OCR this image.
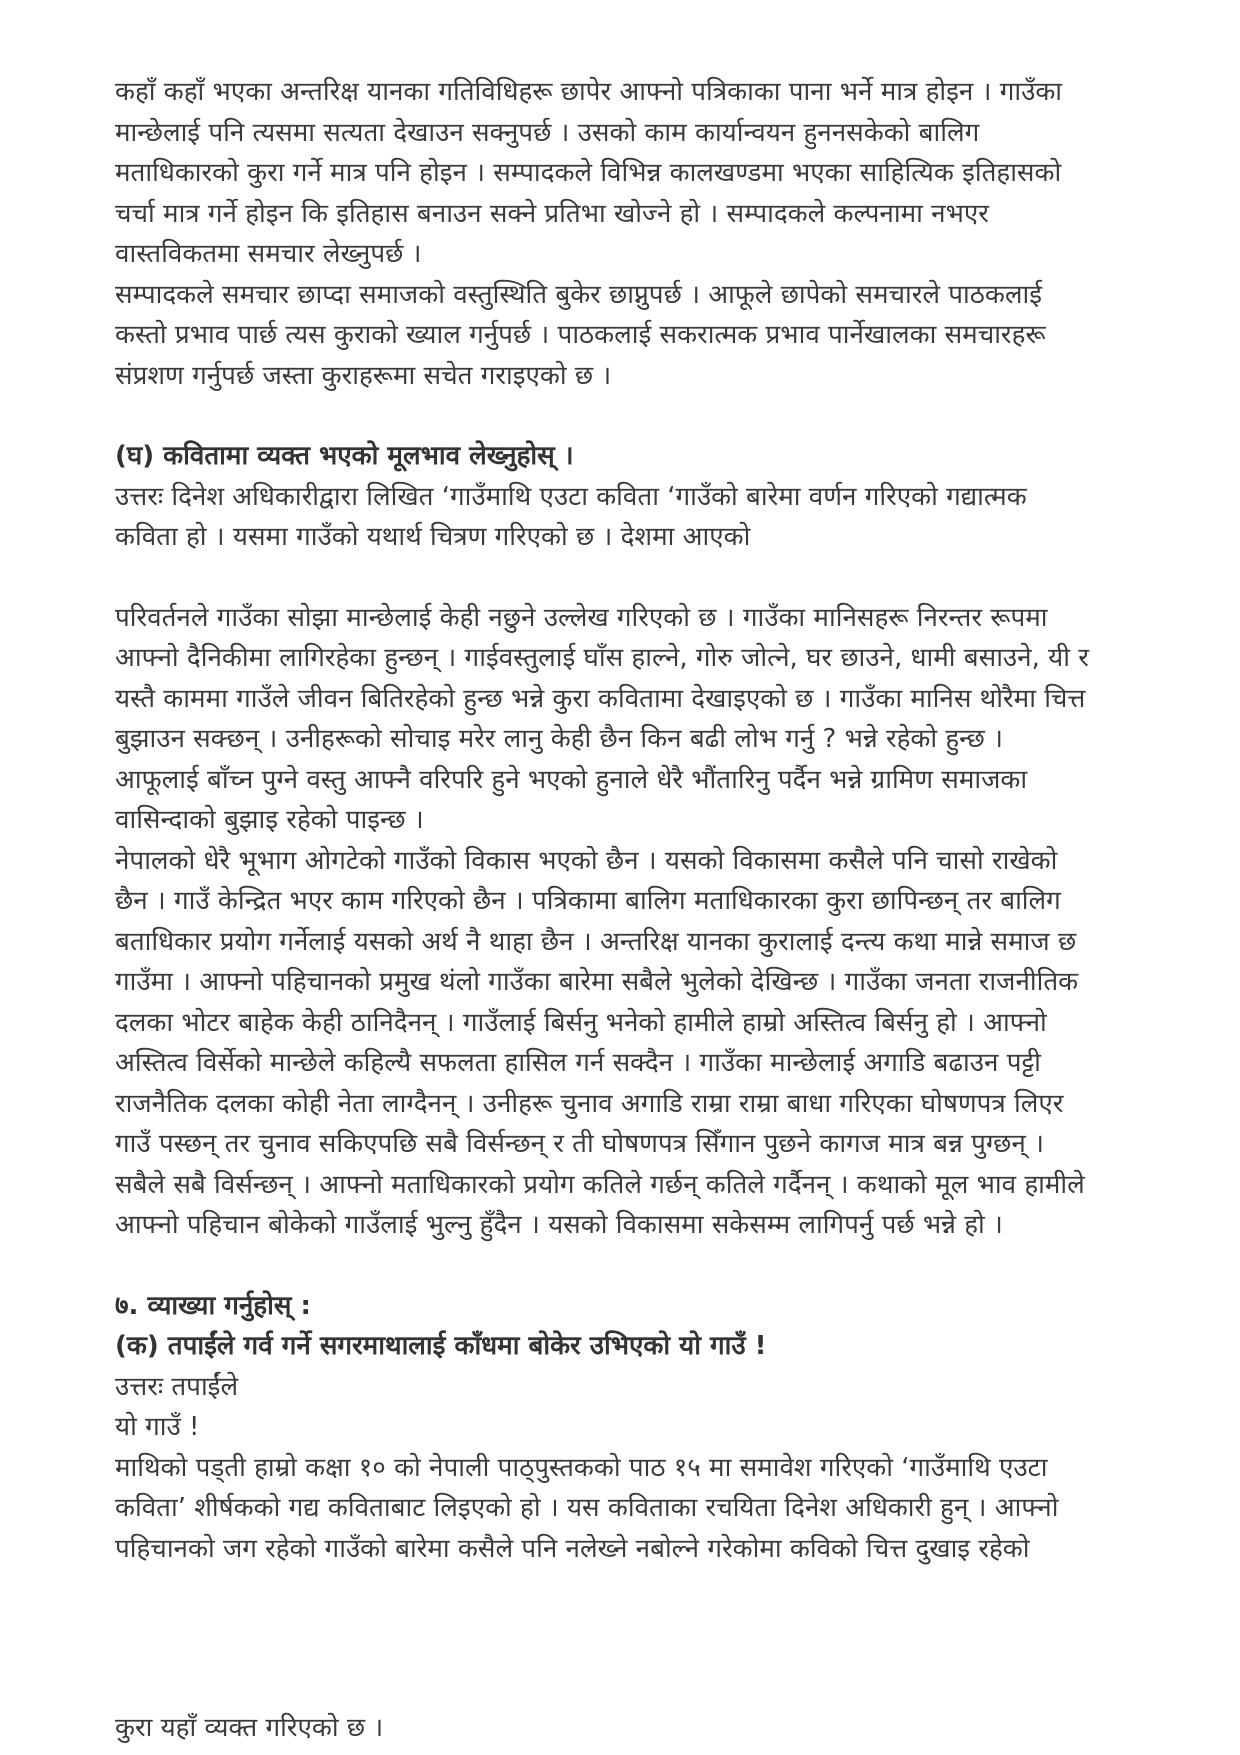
कहाँ कहाँ भएका अन्तरिक्ष यानका गतिविधिहरू छापेर आफ्नो पत्रिकाका पाना भर्ने मात्र होइन । गाउँका

मान्छेलाई पनि त्यसमा सत्यता देखाउन सक्नुपर्छ । उसको काम कार्यान्वयन हुननसकेको बालिग

मताधिकारको कुरा गर्ने मात्र पनि होइन । सम्पादकले विभिन्न कालखण्डमा भएका साहित्यिक इतिहासको

चर्चा मात्र गर्ने होइन कि इतिहास बनाउन सक्ने प्रतिभा खोज्ने हो । सम्पादकले कल्पनामा नभएर

वास्तविकतमा समचार लेख्नुपर्छ ।

सम्पादकले समचार छाप्दा समाजको वस्तुस्थिति बुकेर छाप्नुपर्छ । आफूले छापेको समचारले पाठकलाई

कस्तो प्रभाव पार्छ त्यस कुराको ख्याल गर्नुपर्छ । पाठकलाई सकरात्मक प्रभाव पार्नेखालका समचारहरू

संप्रशण गर्नुपर्छ जस्ता कुराहरूमा सचेत गराइएको छ ।

(घ) कवितामा व्यक्त भएको मूलभाव लेख्नुहोस् ।

उत्तरः दिनेश अधिकारीद्वारा लिखित ‘गाउँमाथि एउटा कविता ‘गाउँको बारेमा वर्णन गरिएको गद्यात्मक

कविता हो । यसमा गाउँको यथार्थ चित्रण गरिएको छ । देशमा आएको

परिवर्तनले गाउँका सोझा मान्छेलाई केही नछुने उल्लेख गरिएको छ । गाउँका मानिसहरू निरन्तर रूपमा

आफ्नो दैनिकीमा लागिरहेका हुन्छन् । गाईवस्तुलाई घाँस हाल्ने, गोरु जोत्ने, घर छाउने, धामी बसाउने, यी र

यस्तै काममा गाउँले जीवन बितिरहेको हुन्छ भन्ने कुरा कवितामा देखाइएको छ । गाउँका मानिस थोरैमा चित्त

बुझाउन सक्छन् । उनीहरूको सोचाइ मरेर लानु केही छैन किन बढी लोभ गर्नु ? भन्ने रहेको हुन्छ ।

आफूलाई बाँच्न पुग्ने वस्तु आफ्नै वरिपरि हुने भएको हुनाले धेरै भौंतारिनु पर्दैन भन्ने ग्रामिण समाजका

वासिन्दाको बुझाइ रहेको पाइन्छ ।

नेपालको धेरै भूभाग ओगटेको गाउँको विकास भएको छैन । यसको विकासमा कसैले पनि चासो राखेको

छैन । गाउँ केन्द्रित भएर काम गरिएको छैन । पत्रिकामा बालिग मताधिकारका कुरा छापिन्छन् तर बालिग

बताधिकार प्रयोग गर्नेलाई यसको अर्थ नै थाहा छैन । अन्तरिक्ष यानका कुरालाई दन्त्य कथा मान्ने समाज छ

गाउँमा । आफ्नो पहिचानको प्रमुख थंलो गाउँका बारेमा सबैले भुलेको देखिन्छ । गाउँका जनता राजनीतिक

दलका भोटर बाहेक केही ठानिदैनन् । गाउँलाई बिर्सनु भनेको हामीले हाम्रो अस्तित्व बिर्सनु हो । आफ्नो

अस्तित्व विर्सेको मान्छेले कहिल्यै सफलता हासिल गर्न सक्दैन । गाउँका मान्छेलाई अगाडि बढाउन पट्टी

राजनैतिक दलका कोही नेता लाग्दैनन् । उनीहरू चुनाव अगाडि राम्रा राम्रा बाधा गरिएका घोषणपत्र लिएर

गाउँ पस्छन् तर चुनाव सकिएपछि सबै विर्सन्छन् र ती घोषणपत्र सिँगान पुछने कागज मात्र बन्न पुग्छन् ।

सबैले सबै विर्सन्छन् । आफ्नो मताधिकारको प्रयोग कतिले गर्छन् कतिले गर्दैनन् । कथाको मूल भाव हामीले

आफ्नो पहिचान बोकेको गाउँलाई भुल्नु हुँदैन । यसको विकासमा सकेसम्म लागिपर्नु पर्छ भन्ने हो ।

७. व्याख्या गर्नुहोस् :

(क) तपाईंले गर्व गर्ने सगरमाथालाई काँधमा बोकेर उभिएको यो गाउँ !

उत्तरः तपाईंले

यो गाउँ !

माथिको पड्ती हाम्रो कक्षा १० को नेपाली पाठ्पुस्तकको पाठ १५ मा समावेश गरिएको ‘गाउँमाथि एउटा

कविता’ शीर्षकको गद्य कविताबाट लिइएको हो । यस कविताका रचयिता दिनेश अधिकारी हुन् । आफ्नो

पहिचानको जग रहेको गाउँको बारेमा कसैले पनि नलेख्ने नबोल्ने गरेकोमा कविको चित्त दुखाइ रहेको

कुरा यहाँ व्यक्त गरिएको छ ।
